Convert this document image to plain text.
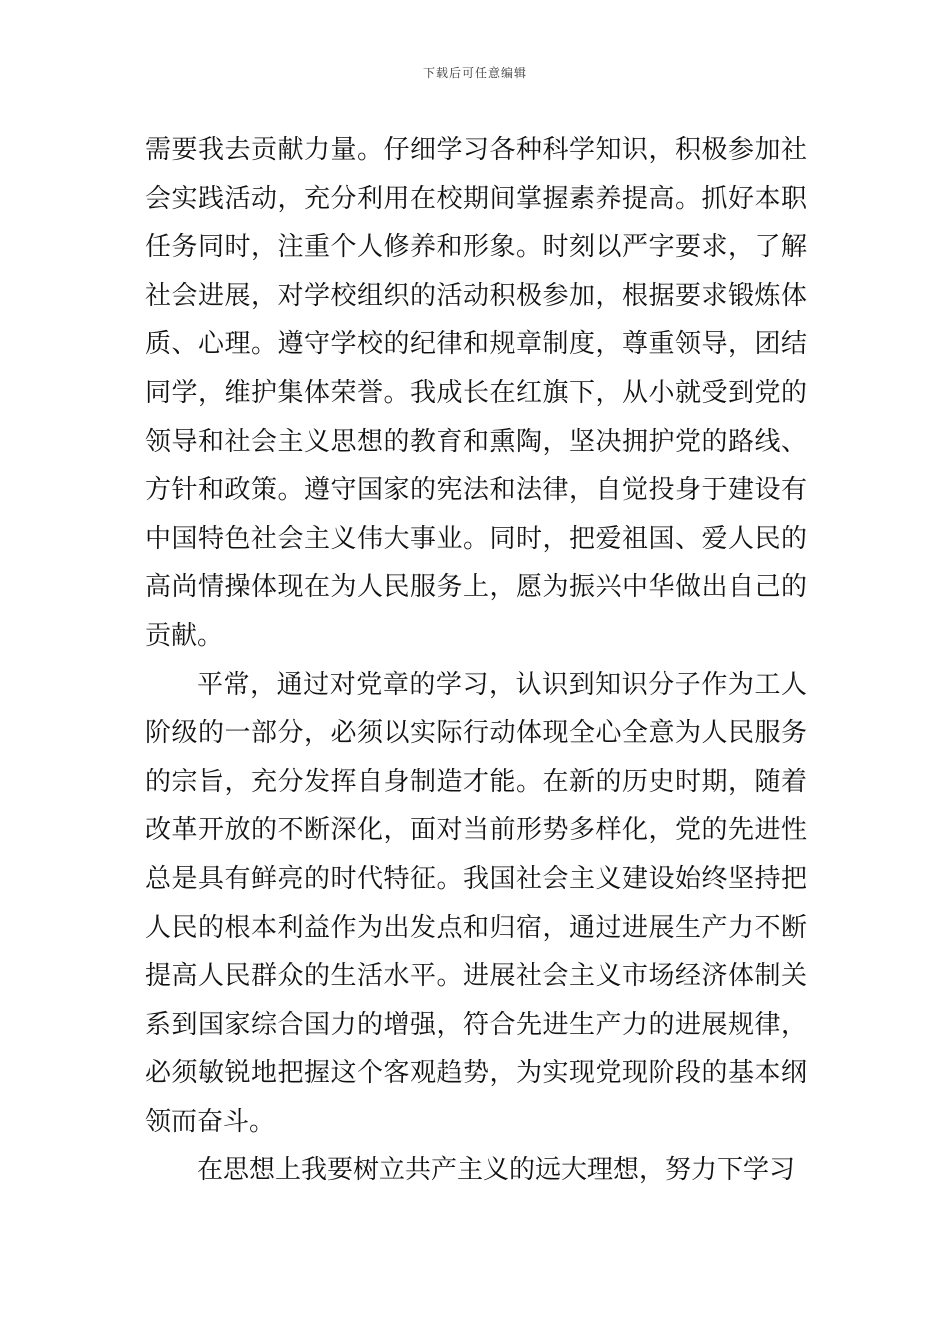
下载后可任意编辑

需要我去贡献力量。仔细学习各种科学知识，积极参加社会实践活动，充分利用在校期间掌握素养提高。抓好本职任务同时，注重个人修养和形象。时刻以严字要求，了解社会进展，对学校组织的活动积极参加，根据要求锻炼体质、心理。遵守学校的纪律和规章制度，尊重领导，团结同学，维护集体荣誉。我成长在红旗下，从小就受到党的领导和社会主义思想的教育和熏陶，坚决拥护党的路线、方针和政策。遵守国家的宪法和法律，自觉投身于建设有中国特色社会主义伟大事业。同时，把爱祖国、爱人民的高尚情操体现在为人民服务上，愿为振兴中华做出自己的贡献。

平常，通过对党章的学习，认识到知识分子作为工人阶级的一部分，必须以实际行动体现全心全意为人民服务的宗旨，充分发挥自身制造才能。在新的历史时期，随着改革开放的不断深化，面对当前形势多样化，党的先进性总是具有鲜亮的时代特征。我国社会主义建设始终坚持把人民的根本利益作为出发点和归宿，通过进展生产力不断提高人民群众的生活水平。进展社会主义市场经济体制关系到国家综合国力的增强，符合先进生产力的进展规律，必须敏锐地把握这个客观趋势，为实现党现阶段的基本纲领而奋斗。

在思想上我要树立共产主义的远大理想，努力下学习
